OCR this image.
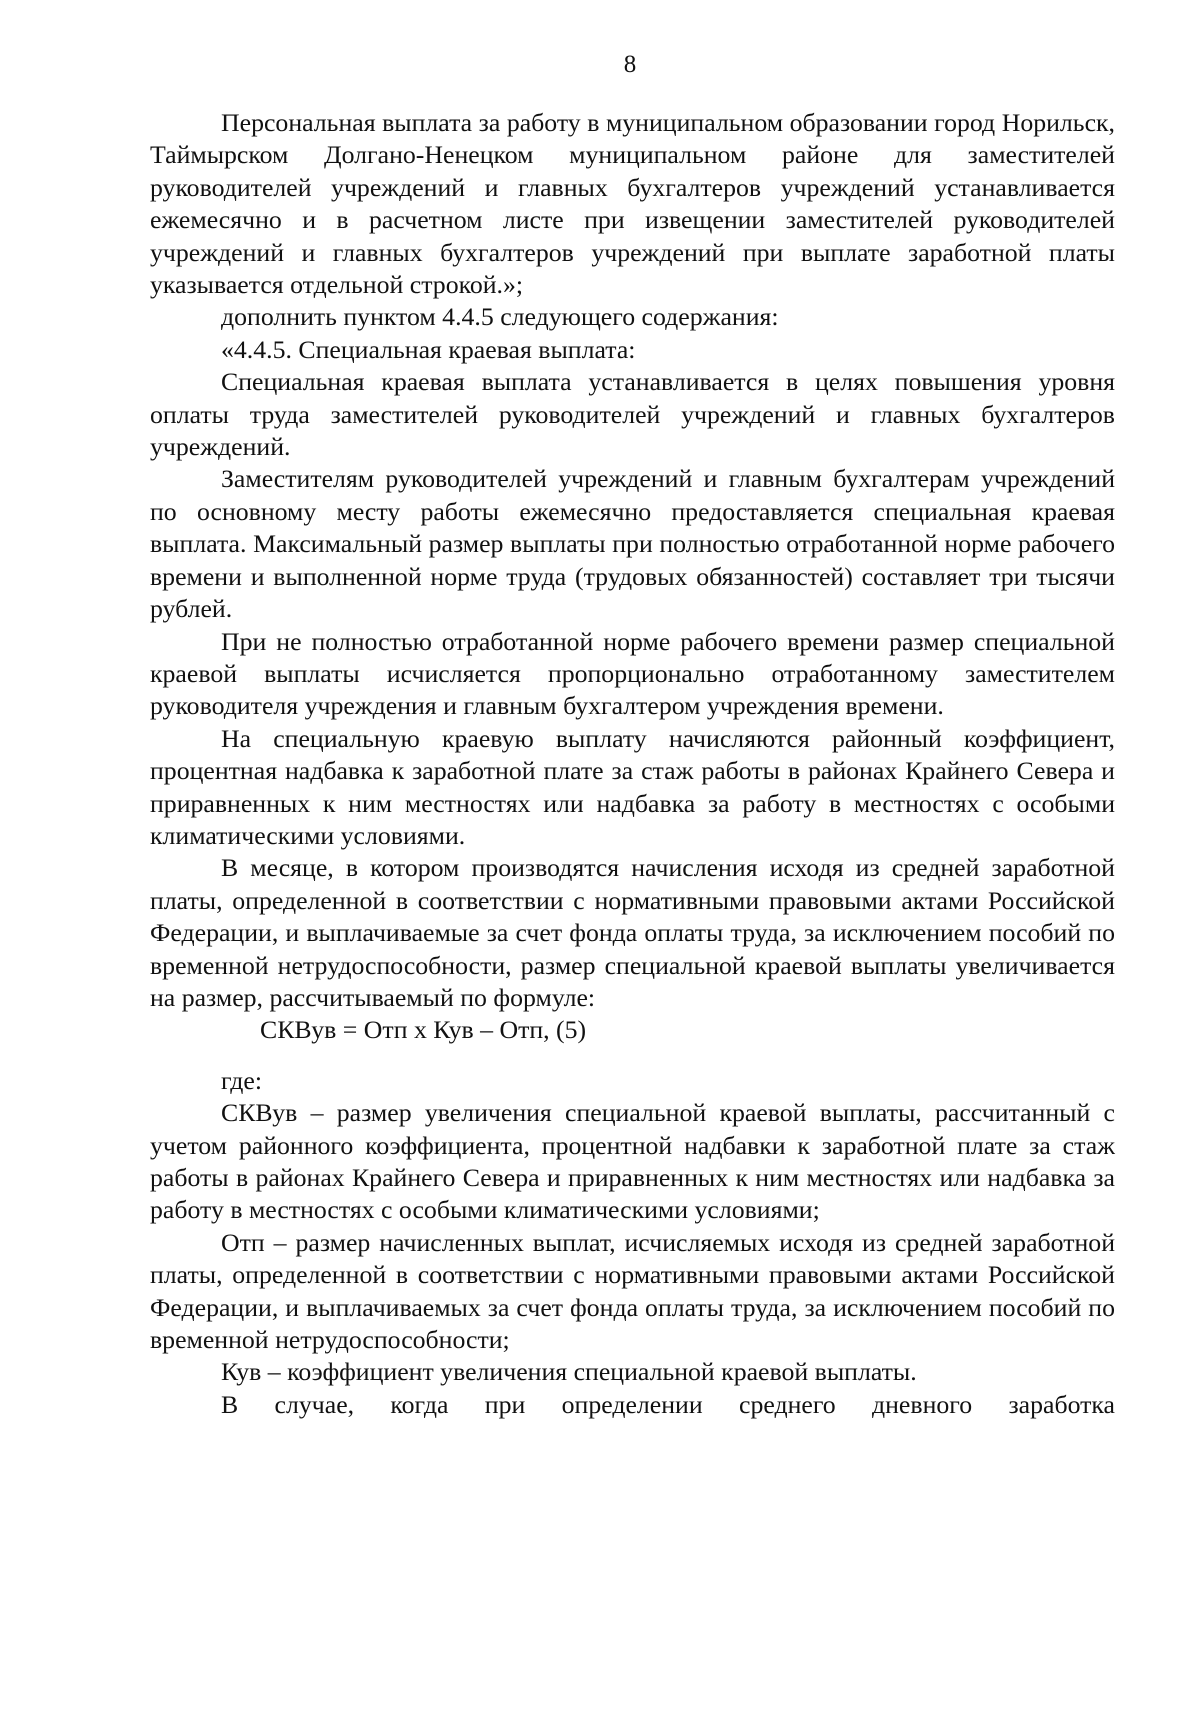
8

Персональная выплата за работу в муниципальном образовании город Норильск, Таймырском Долгано-Ненецком муниципальном районе для заместителей руководителей учреждений и главных бухгалтеров учреждений устанавливается ежемесячно и в расчетном листе при извещении заместителей руководителей учреждений и главных бухгалтеров учреждений при выплате заработной платы указывается отдельной строкой.»;

дополнить пунктом 4.4.5 следующего содержания:

«4.4.5. Специальная краевая выплата:

Специальная краевая выплата устанавливается в целях повышения уровня оплаты труда заместителей руководителей учреждений и главных бухгалтеров учреждений.

Заместителям руководителей учреждений и главным бухгалтерам учреждений по основному месту работы ежемесячно предоставляется специальная краевая выплата. Максимальный размер выплаты при полностью отработанной норме рабочего времени и выполненной норме труда (трудовых обязанностей) составляет три тысячи рублей.

При не полностью отработанной норме рабочего времени размер специальной краевой выплаты исчисляется пропорционально отработанному заместителем руководителя учреждения и главным бухгалтером учреждения времени.

На специальную краевую выплату начисляются районный коэффициент, процентная надбавка к заработной плате за стаж работы в районах Крайнего Севера и приравненных к ним местностях или надбавка за работу в местностях с особыми климатическими условиями.

В месяце, в котором производятся начисления исходя из средней заработной платы, определенной в соответствии с нормативными правовыми актами Российской Федерации, и выплачиваемые за счет фонда оплаты труда, за исключением пособий по временной нетрудоспособности, размер специальной краевой выплаты увеличивается на размер, рассчитываемый по формуле:

СКВув = Отп х Кув – Отп, (5)

где:

СКВув – размер увеличения специальной краевой выплаты, рассчитанный с учетом районного коэффициента, процентной надбавки к заработной плате за стаж работы в районах Крайнего Севера и приравненных к ним местностях или надбавка за работу в местностях с особыми климатическими условиями;

Отп – размер начисленных выплат, исчисляемых исходя из средней заработной платы, определенной в соответствии с нормативными правовыми актами Российской Федерации, и выплачиваемых за счет фонда оплаты труда, за исключением пособий по временной нетрудоспособности;

Кув – коэффициент увеличения специальной краевой выплаты.

В случае, когда при определении среднего дневного заработка
